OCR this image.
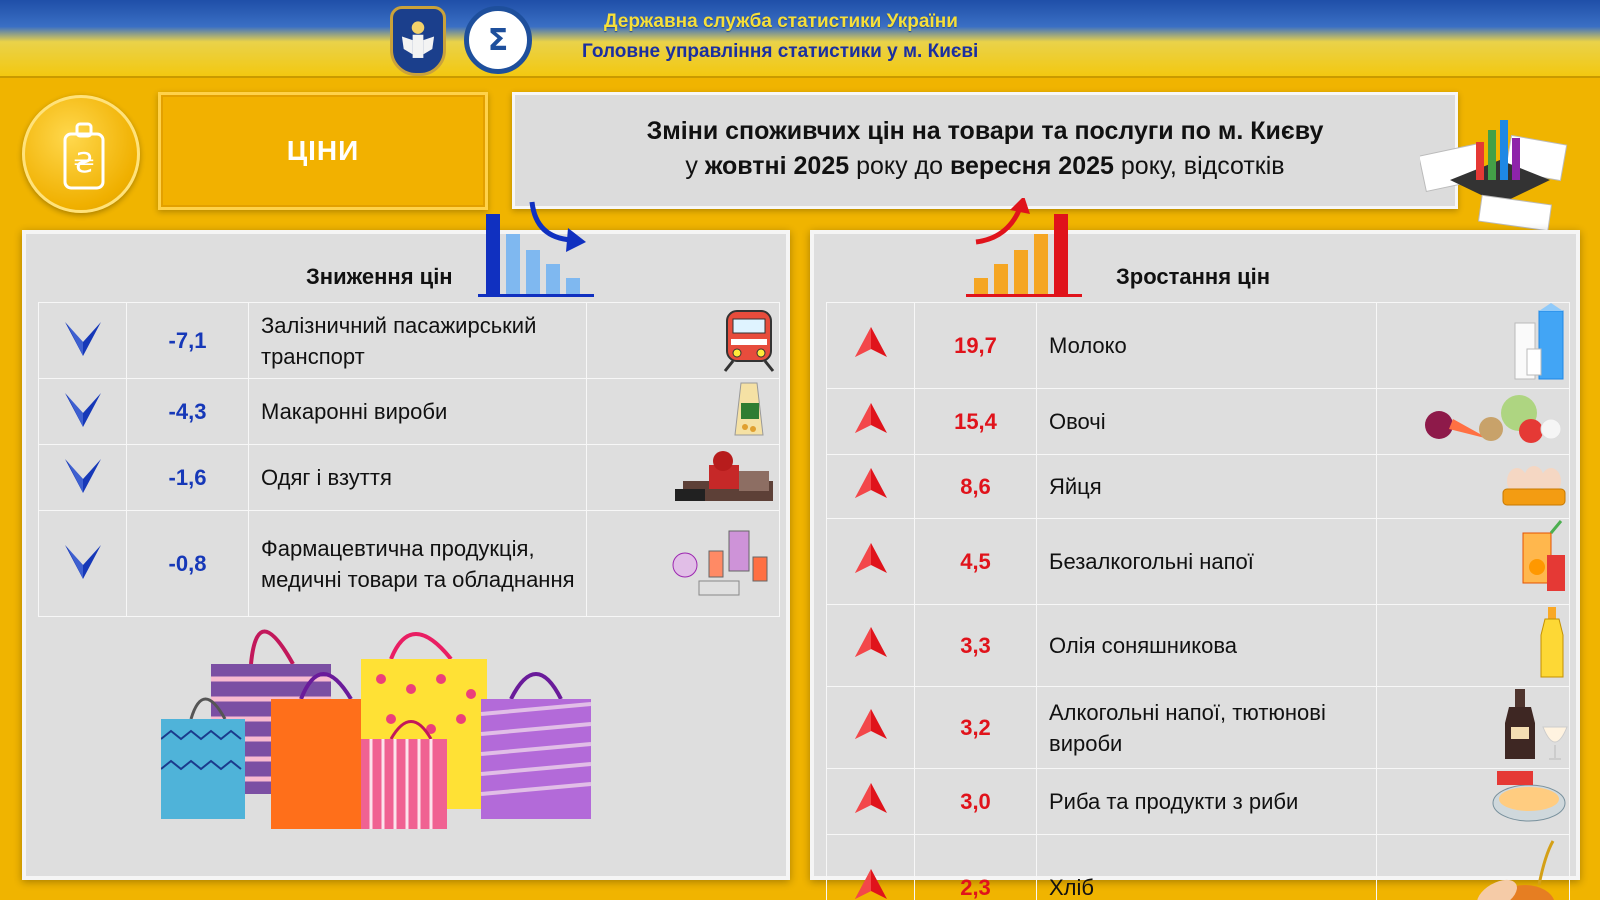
Σ
Державна служба статистики України
Головне управління статистики у м. Києві
₴	ЦІНИ
Зміни споживчих цін на товари та послуги по м. Києву
у жовтні 2025 року до вересня 2025 року, відсотків
Зниження цін
	-7,1	Залізничний пасажирський транспорт	
	-4,3	Макаронні вироби	
	-1,6	Одяг і взуття	
	-0,8	Фармацевтична продукція, медичні товари та обладнання	
Зростання цін
	19,7	Молоко	
	15,4	Овочі	
	8,6	Яйця	
	4,5	Безалкогольні напої	
	3,3	Олія соняшникова	
	3,2	Алкогольні напої, тютюнові вироби	
	3,0	Риба та продукти з риби	
	2,3	Хліб	
